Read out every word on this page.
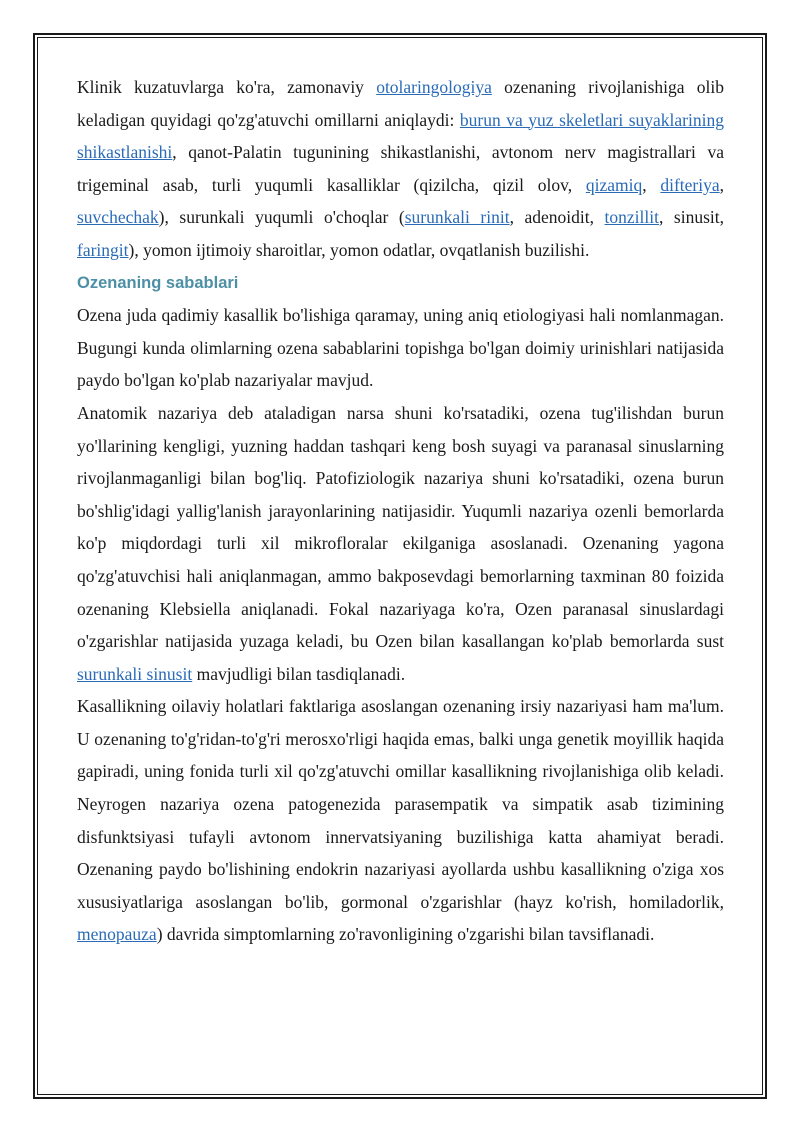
Klinik kuzatuvlarga ko'ra, zamonaviy otolaringologiya ozenaning rivojlanishiga olib keladigan quyidagi qo'zg'atuvchi omillarni aniqlaydi: burun va yuz skeletlari suyaklarining shikastlanishi, qanot-Palatin tugunining shikastlanishi, avtonom nerv magistrallari va trigeminal asab, turli yuqumli kasalliklar (qizilcha, qizil olov, qizamiq, difteriya, suvchechak), surunkali yuqumli o'choqlar (surunkali rinit, adenoidit, tonzillit, sinusit, faringit), yomon ijtimoiy sharoitlar, yomon odatlar, ovqatlanish buzilishi.

Ozenaning sabablari

Ozena juda qadimiy kasallik bo'lishiga qaramay, uning aniq etiologiyasi hali nomlanmagan. Bugungi kunda olimlarning ozena sabablarini topishga bo'lgan doimiy urinishlari natijasida paydo bo'lgan ko'plab nazariyalar mavjud.

Anatomik nazariya deb ataladigan narsa shuni ko'rsatadiki, ozena tug'ilishdan burun yo'llarining kengligi, yuzning haddan tashqari keng bosh suyagi va paranasal sinuslarning rivojlanmaganligi bilan bog'liq. Patofiziologik nazariya shuni ko'rsatadiki, ozena burun bo'shlig'idagi yallig'lanish jarayonlarining natijasidir. Yuqumli nazariya ozenli bemorlarda ko'p miqdordagi turli xil mikrofloralar ekilganiga asoslanadi. Ozenaning yagona qo'zg'atuvchisi hali aniqlanmagan, ammo bakposevdagi bemorlarning taxminan 80 foizida ozenaning Klebsiella aniqlanadi. Fokal nazariyaga ko'ra, Ozen paranasal sinuslardagi o'zgarishlar natijasida yuzaga keladi, bu Ozen bilan kasallangan ko'plab bemorlarda sust surunkali sinusit mavjudligi bilan tasdiqlanadi.

Kasallikning oilaviy holatlari faktlariga asoslangan ozenaning irsiy nazariyasi ham ma'lum. U ozenaning to'g'ridan-to'g'ri merosxo'rligi haqida emas, balki unga genetik moyillik haqida gapiradi, uning fonida turli xil qo'zg'atuvchi omillar kasallikning rivojlanishiga olib keladi. Neyrogen nazariya ozena patogenezida parasempatik va simpatik asab tizimining disfunktsiyasi tufayli avtonom innervatsiyaning buzilishiga katta ahamiyat beradi. Ozenaning paydo bo'lishining endokrin nazariyasi ayollarda ushbu kasallikning o'ziga xos xususiyatlariga asoslangan bo'lib, gormonal o'zgarishlar (hayz ko'rish, homiladorlik, menopauza) davrida simptomlarning zo'ravonligining o'zgarishi bilan tavsiflanadi.
